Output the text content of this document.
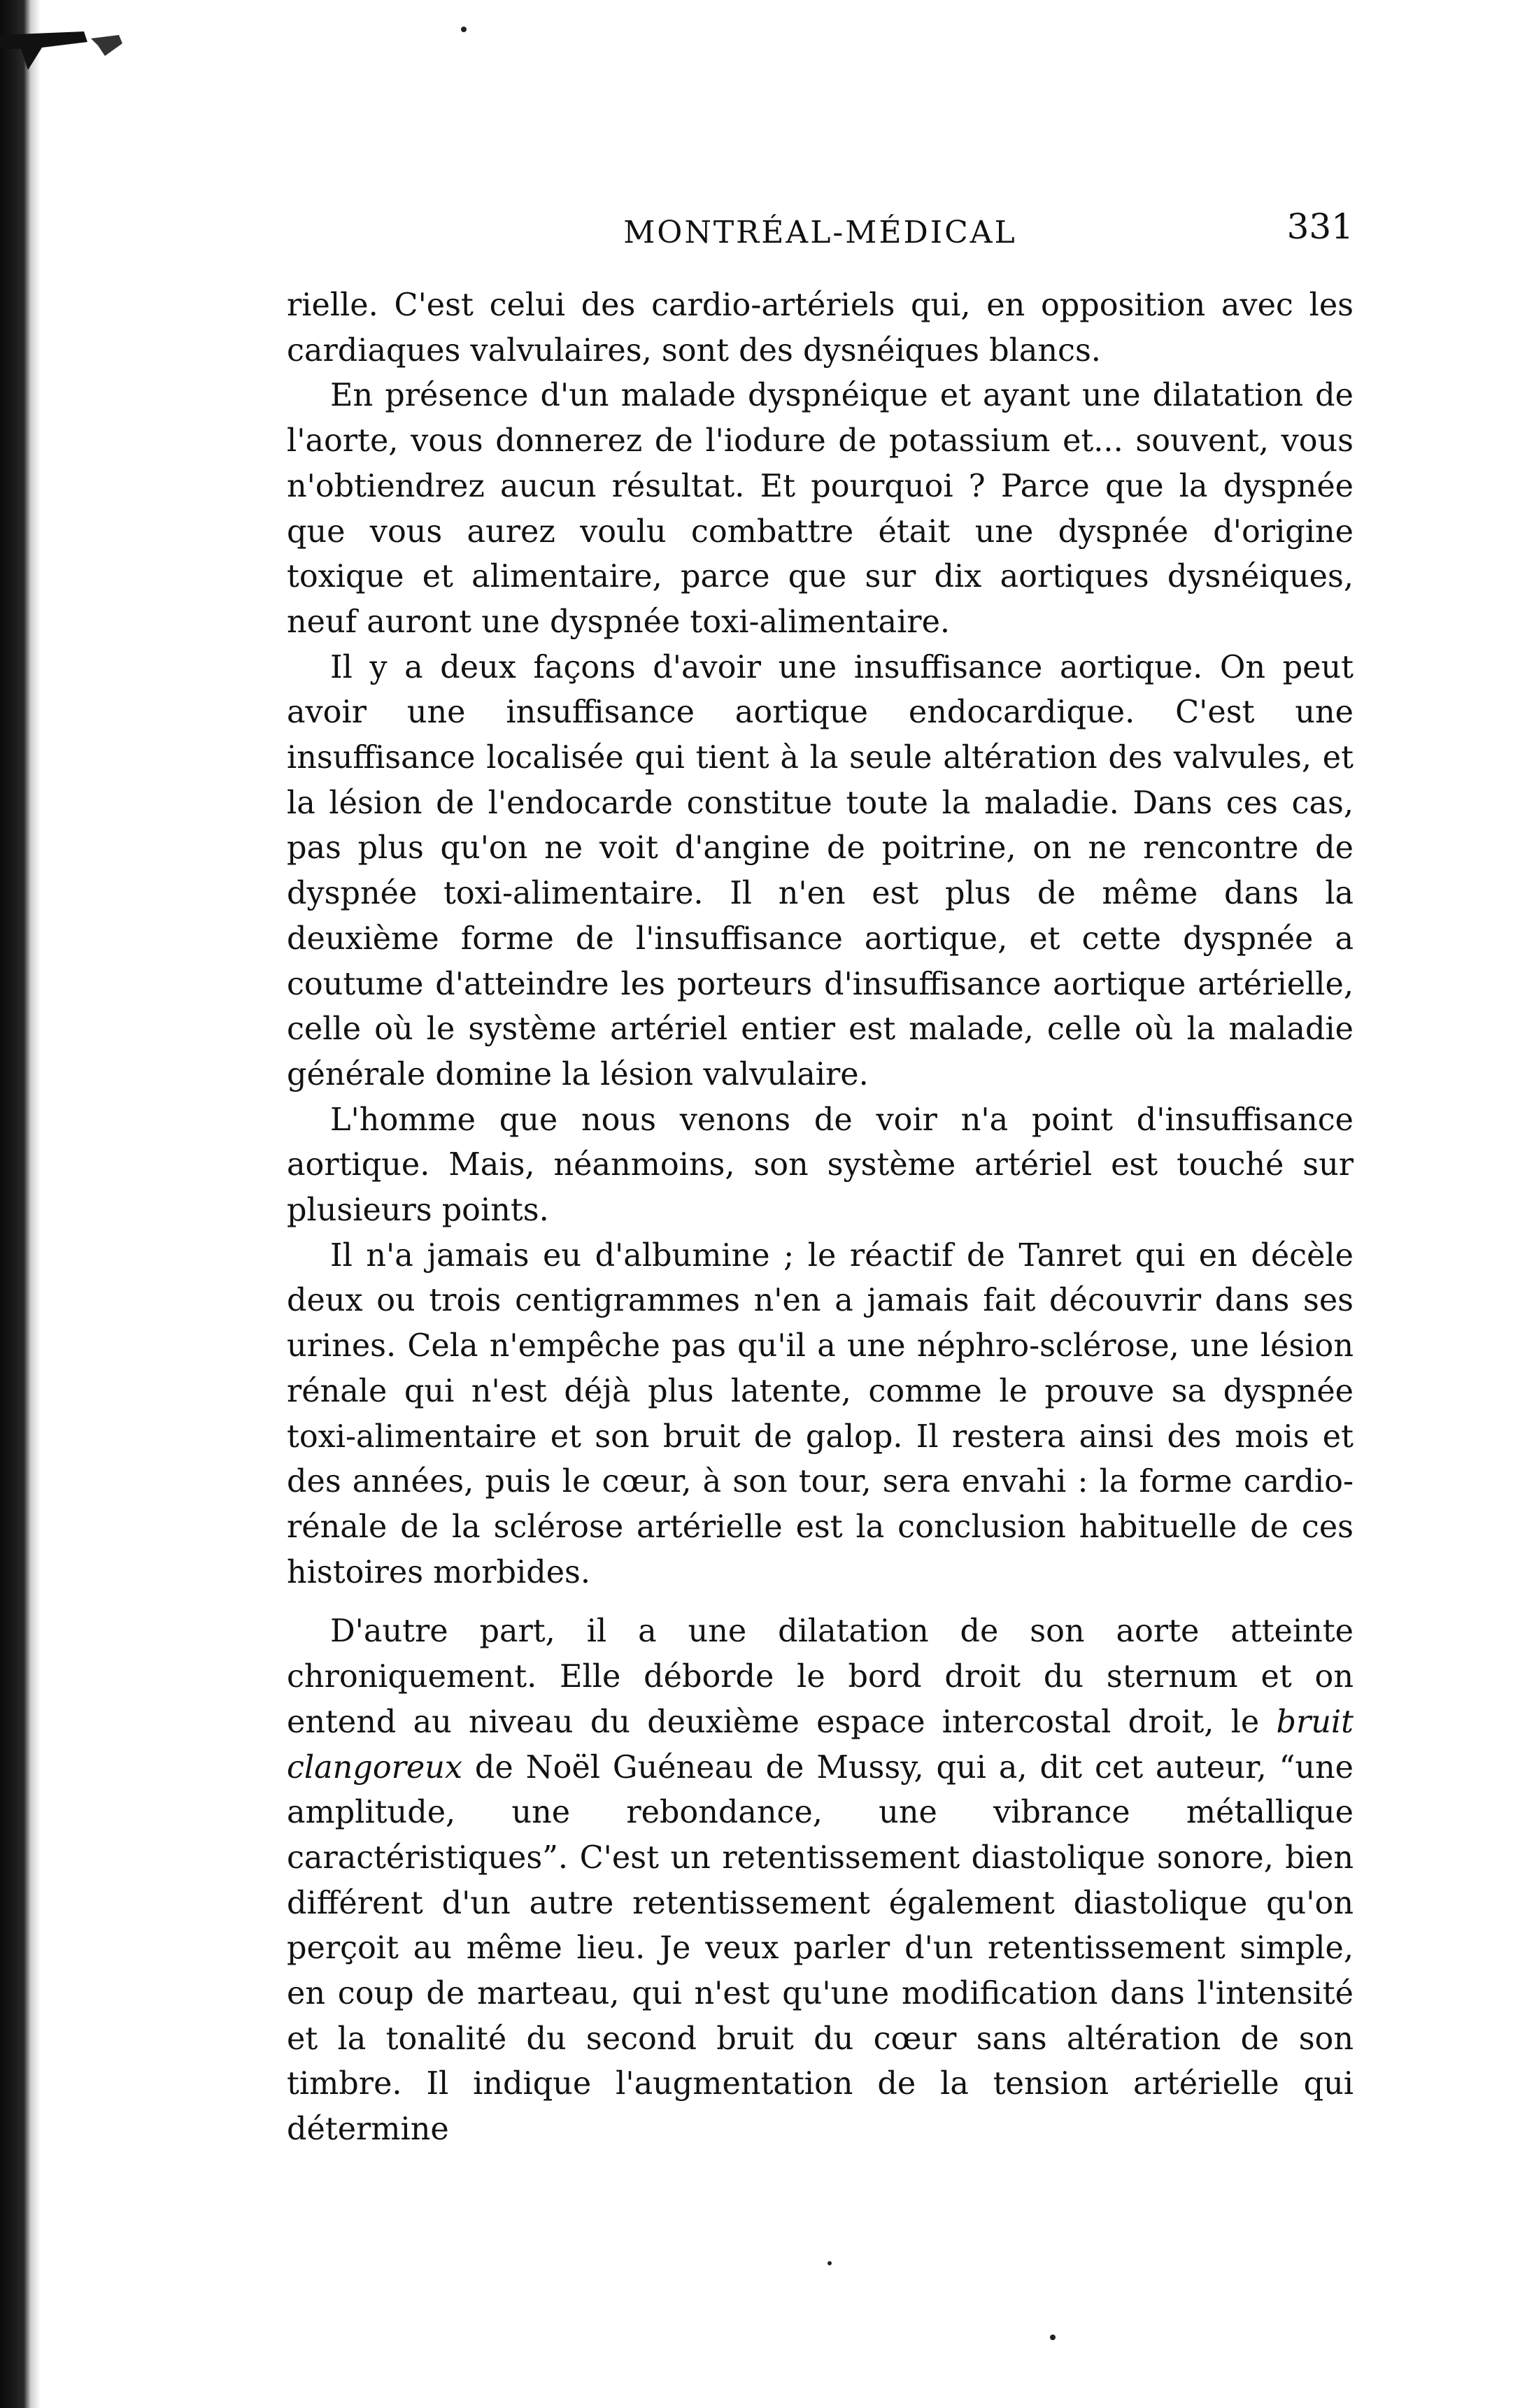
MONTRÉAL-MÉDICAL	331

rielle. C'est celui des cardio-artériels qui, en opposition avec les cardiaques valvulaires, sont des dysnéiques blancs.

En présence d'un malade dyspnéique et ayant une dilatation de l'aorte, vous donnerez de l'iodure de potassium et... souvent, vous n'obtiendrez aucun résultat. Et pourquoi ? Parce que la dyspnée que vous aurez voulu combattre était une dyspnée d'origine toxique et alimentaire, parce que sur dix aortiques dysnéiques, neuf auront une dyspnée toxi-alimentaire.

Il y a deux façons d'avoir une insuffisance aortique. On peut avoir une insuffisance aortique endocardique. C'est une insuffisance localisée qui tient à la seule altération des valvules, et la lésion de l'endocarde constitue toute la maladie. Dans ces cas, pas plus qu'on ne voit d'angine de poitrine, on ne rencontre de dyspnée toxi-alimentaire. Il n'en est plus de même dans la deuxième forme de l'insuffisance aortique, et cette dyspnée a coutume d'atteindre les porteurs d'insuffisance aortique artérielle, celle où le système artériel entier est malade, celle où la maladie générale domine la lésion valvulaire.

L'homme que nous venons de voir n'a point d'insuffisance aortique. Mais, néanmoins, son système artériel est touché sur plusieurs points.

Il n'a jamais eu d'albumine ; le réactif de Tanret qui en décèle deux ou trois centigrammes n'en a jamais fait découvrir dans ses urines. Cela n'empêche pas qu'il a une néphro-sclérose, une lésion rénale qui n'est déjà plus latente, comme le prouve sa dyspnée toxi-alimentaire et son bruit de galop. Il restera ainsi des mois et des années, puis le cœur, à son tour, sera envahi : la forme cardio-rénale de la sclérose artérielle est la conclusion habituelle de ces histoires morbides.

D'autre part, il a une dilatation de son aorte atteinte chroniquement. Elle déborde le bord droit du sternum et on entend au niveau du deuxième espace intercostal droit, le bruit clangoreux de Noël Guéneau de Mussy, qui a, dit cet auteur, “une amplitude, une rebondance, une vibrance métallique caractéristiques”. C'est un retentissement diastolique sonore, bien différent d'un autre retentissement également diastolique qu'on perçoit au même lieu. Je veux parler d'un retentissement simple, en coup de marteau, qui n'est qu'une modification dans l'intensité et la tonalité du second bruit du cœur sans altération de son timbre. Il indique l'augmentation de la tension artérielle qui détermine
